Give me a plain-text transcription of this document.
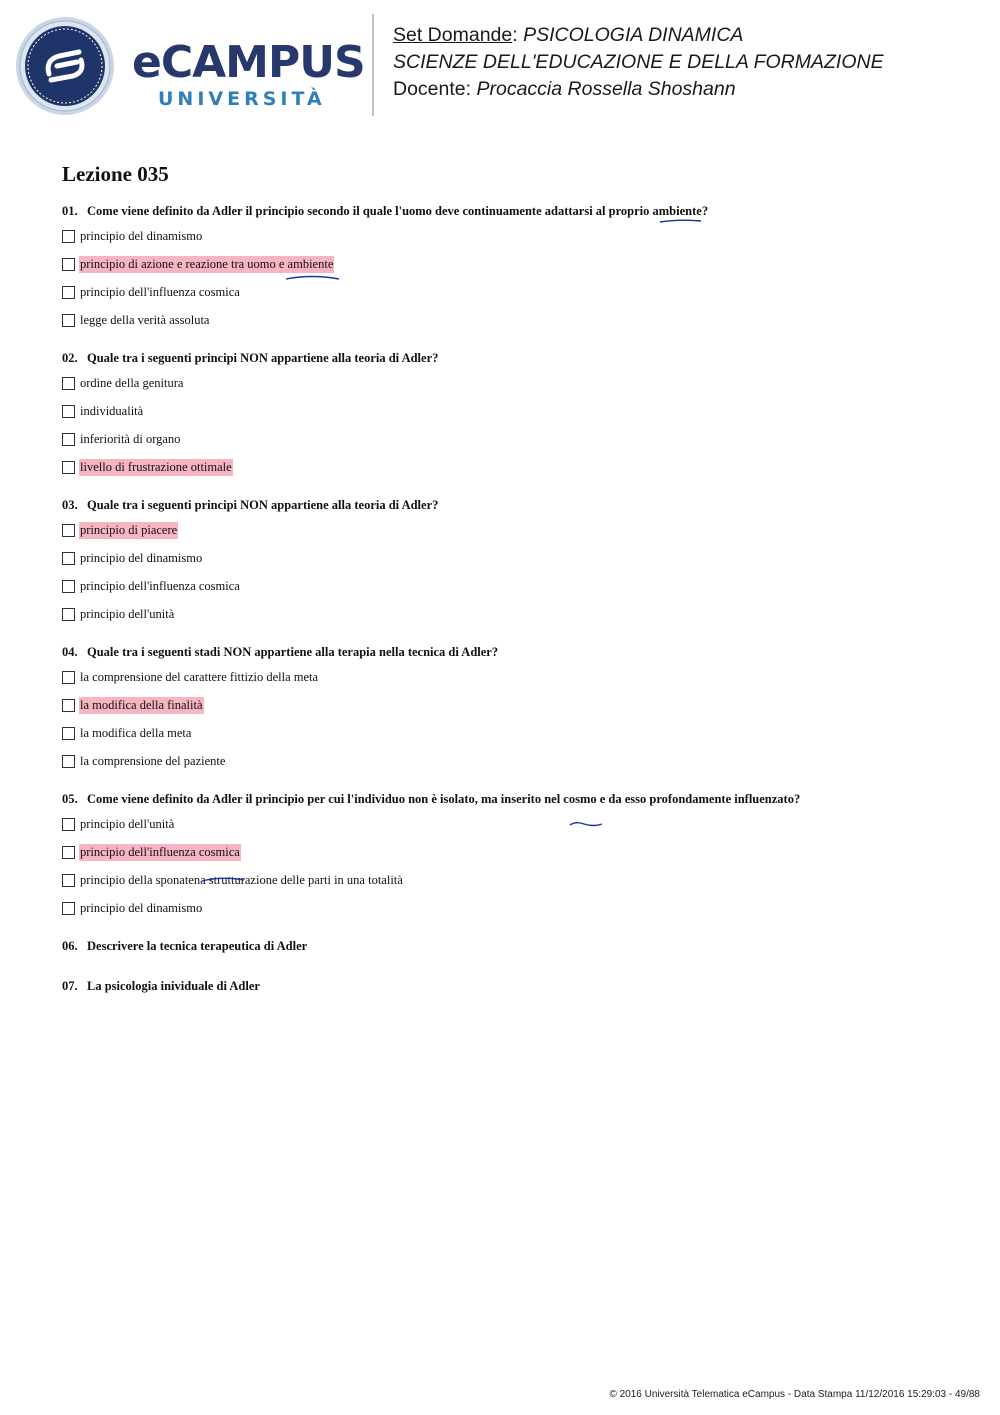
eCAMPUS
UNIVERSITÀ
Set Domande: PSICOLOGIA DINAMICA
SCIENZE DELL'EDUCAZIONE E DELLA FORMAZIONE
Docente: Procaccia Rossella Shoshann
Lezione 035
01. Come viene definito da Adler il principio secondo il quale l'uomo deve continuamente adattarsi al proprio ambiente?
principio del dinamismo
principio di azione e reazione tra uomo e ambiente
principio dell'influenza cosmica
legge della verità assoluta
02. Quale tra i seguenti principi NON appartiene alla teoria di Adler?
ordine della genitura
individualità
inferiorità di organo
livello di frustrazione ottimale
03. Quale tra i seguenti principi NON appartiene alla teoria di Adler?
principio di piacere
principio del dinamismo
principio dell'influenza cosmica
principio dell'unità
04. Quale tra i seguenti stadi NON appartiene alla terapia nella tecnica di Adler?
la comprensione del carattere fittizio della meta
la modifica della finalità
la modifica della meta
la comprensione del paziente
05. Come viene definito da Adler il principio per cui l'individuo non è isolato, ma inserito nel cosmo e da esso profondamente influenzato?
principio dell'unità
principio dell'influenza cosmica
principio della sponatena strutturazione delle parti in una totalità
principio del dinamismo
06. Descrivere la tecnica terapeutica di Adler
07. La psicologia inividuale di Adler
© 2016 Università Telematica eCampus - Data Stampa 11/12/2016 15:29:03 - 49/88
